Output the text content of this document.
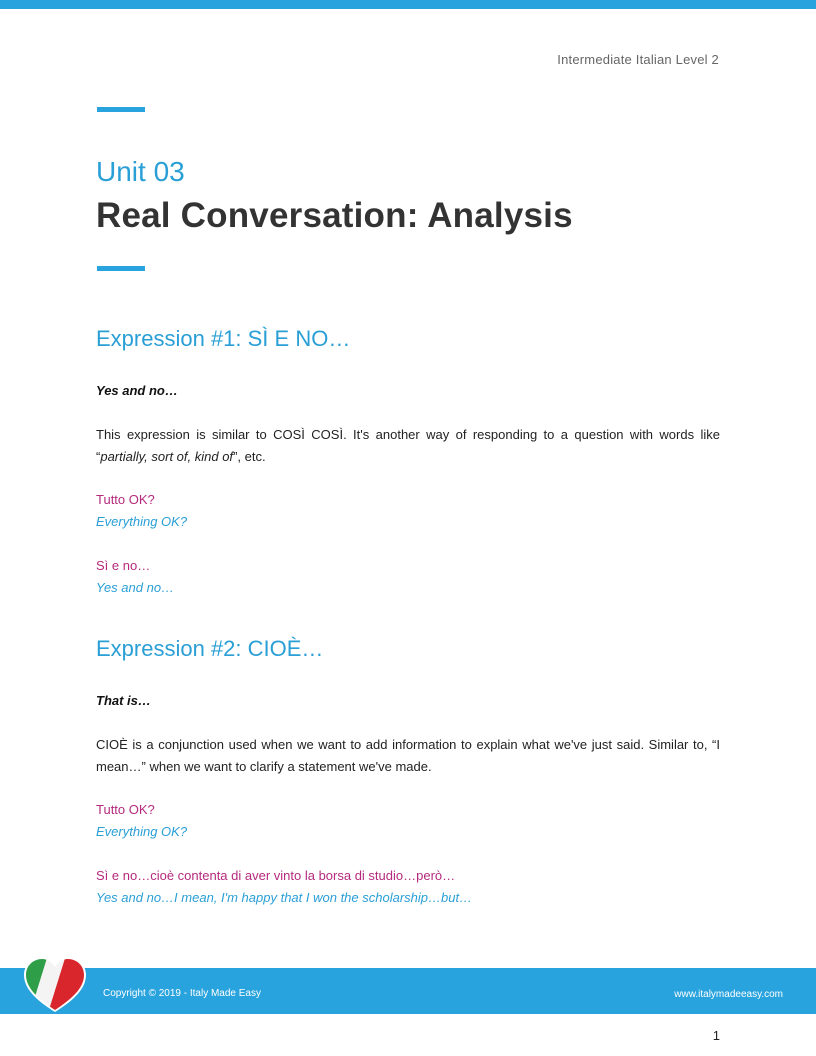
Intermediate Italian Level 2
Unit 03
Real Conversation: Analysis
Expression #1: SÌ E NO…
Yes and no…
This expression is similar to COSÌ COSÌ. It's another way of responding to a question with words like “partially, sort of, kind of”, etc.
Tutto OK?
Everything OK?
Sì e no…
Yes and no…
Expression #2: CIOÈ…
That is…
CIOÈ is a conjunction used when we want to add information to explain what we've just said. Similar to, “I mean…” when we want to clarify a statement we've made.
Tutto OK?
Everything OK?
Sì e no…cioè contenta di aver vinto la borsa di studio…però…
Yes and no…I mean, I'm happy that I won the scholarship…but…
Copyright © 2019 - Italy Made Easy	www.italymadeeasy.com
1
